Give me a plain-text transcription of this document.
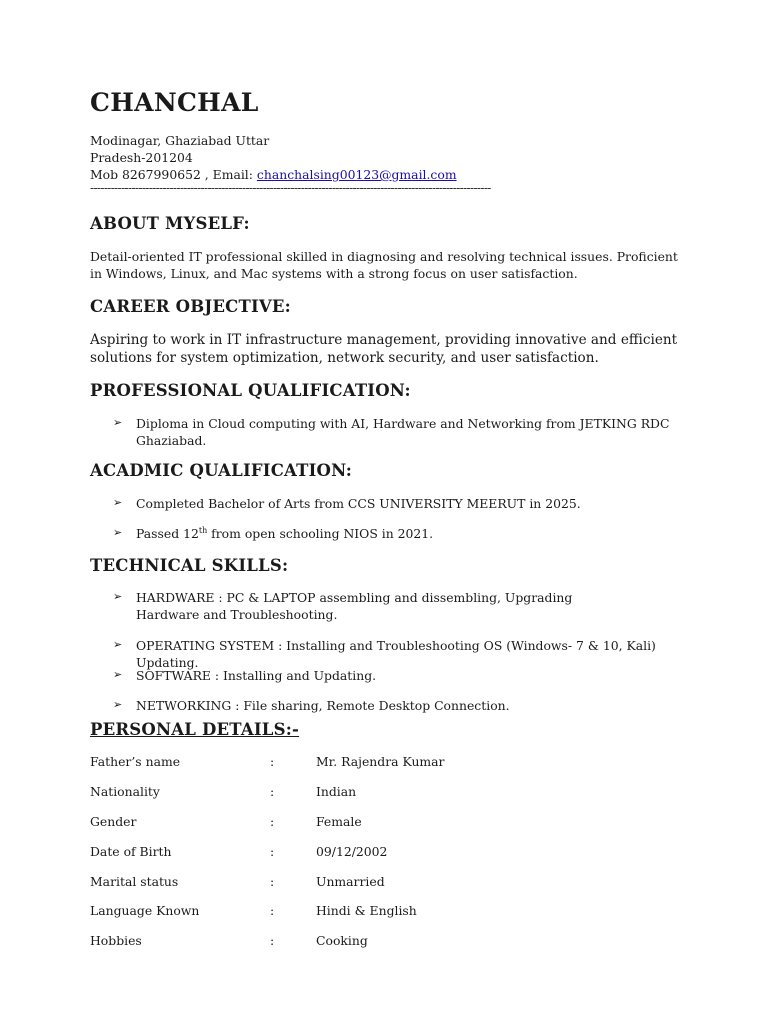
CHANCHAL
Modinagar, Ghaziabad Uttar
Pradesh-201204
Mob 8267990652 , Email: chanchalsing00123@gmail.com
--------------------------------------------------------------------------------------------------------------------
ABOUT MYSELF:
Detail-oriented IT professional skilled in diagnosing and resolving technical issues. Proficient in Windows, Linux, and Mac systems with a strong focus on user satisfaction.
CAREER OBJECTIVE:
Aspiring to work in IT infrastructure management, providing innovative and efficient solutions for system optimization, network security, and user satisfaction.
PROFESSIONAL QUALIFICATION:
➢ Diploma in Cloud computing with AI, Hardware and Networking from JETKING RDC Ghaziabad.
ACADMIC QUALIFICATION:
➢ Completed Bachelor of Arts from CCS UNIVERSITY MEERUT in 2025.
➢ Passed 12th from open schooling NIOS in 2021.
TECHNICAL SKILLS:
➢ HARDWARE : PC & LAPTOP assembling and dissembling, Upgrading Hardware and Troubleshooting.
➢ OPERATING SYSTEM : Installing and Troubleshooting OS (Windows- 7 & 10, Kali) Updating.
➢ SOFTWARE : Installing and Updating.
➢ NETWORKING : File sharing, Remote Desktop Connection.
PERSONAL DETAILS:-
Father’s name	:	Mr. Rajendra Kumar
Nationality	:	Indian
Gender	:	Female
Date of Birth	:	09/12/2002
Marital status	:	Unmarried
Language Known	:	Hindi & English
Hobbies	:	Cooking
